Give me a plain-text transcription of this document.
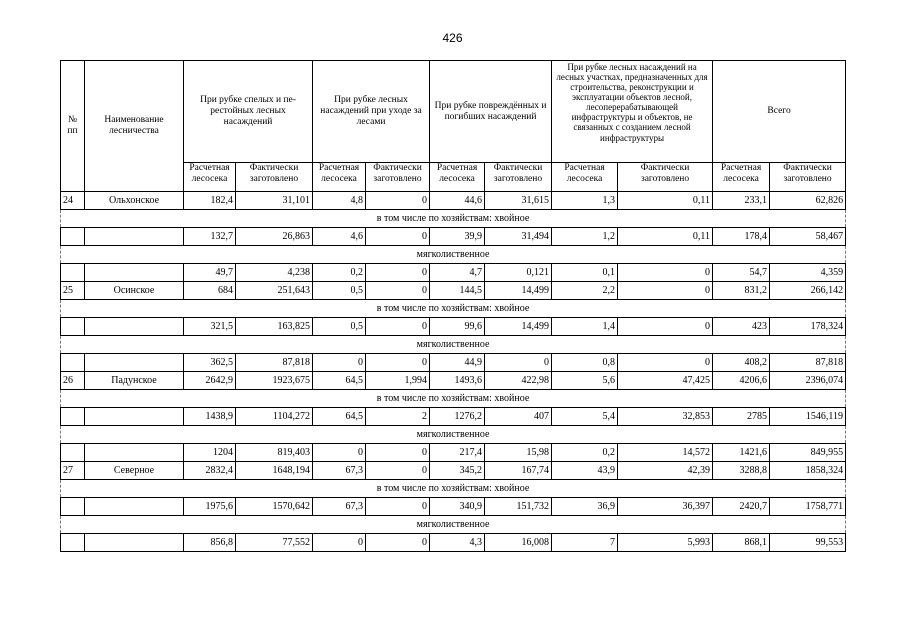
426
№ пп	Наименование лесничества	При рубке спелых и пе-рестойных лесных насаждений		При рубке лесных насаждений при уходе за лесами		При рубке повреждённых и погибших насаждений		При рубке лесных насаждений на лесных участках, предназначенных для строительства, реконструкции и эксплуатации объектов лесной, лесоперерабатывающей инфраструктуры и объектов, не связанных с созданием лесной инфраструктуры		Всего	
		Расчетная лесосека	Фактически заготовлено	Расчетная лесосека	Фактически заготовлено	Расчетная лесосека	Фактически заготовлено	Расчетная лесосека	Фактически заготовлено	Расчетная лесосека	Фактически заготовлено
24	Ольхонское	182,4	31,101	4,8	0	44,6	31,615	1,3	0,11	233,1	62,826
в том числе по хозяйствам: хвойное											
		132,7	26,863	4,6	0	39,9	31,494	1,2	0,11	178,4	58,467
мягколиственное											
		49,7	4,238	0,2	0	4,7	0,121	0,1	0	54,7	4,359
25	Осинское	684	251,643	0,5	0	144,5	14,499	2,2	0	831,2	266,142
в том числе по хозяйствам: хвойное											
		321,5	163,825	0,5	0	99,6	14,499	1,4	0	423	178,324
мягколиственное											
		362,5	87,818	0	0	44,9	0	0,8	0	408,2	87,818
26	Падунское	2642,9	1923,675	64,5	1,994	1493,6	422,98	5,6	47,425	4206,6	2396,074
в том числе по хозяйствам: хвойное											
		1438,9	1104,272	64,5	2	1276,2	407	5,4	32,853	2785	1546,119
мягколиственное											
		1204	819,403	0	0	217,4	15,98	0,2	14,572	1421,6	849,955
27	Северное	2832,4	1648,194	67,3	0	345,2	167,74	43,9	42,39	3288,8	1858,324
в том числе по хозяйствам: хвойное											
		1975,6	1570,642	67,3	0	340,9	151,732	36,9	36,397	2420,7	1758,771
мягколиственное											
		856,8	77,552	0	0	4,3	16,008	7	5,993	868,1	99,553
